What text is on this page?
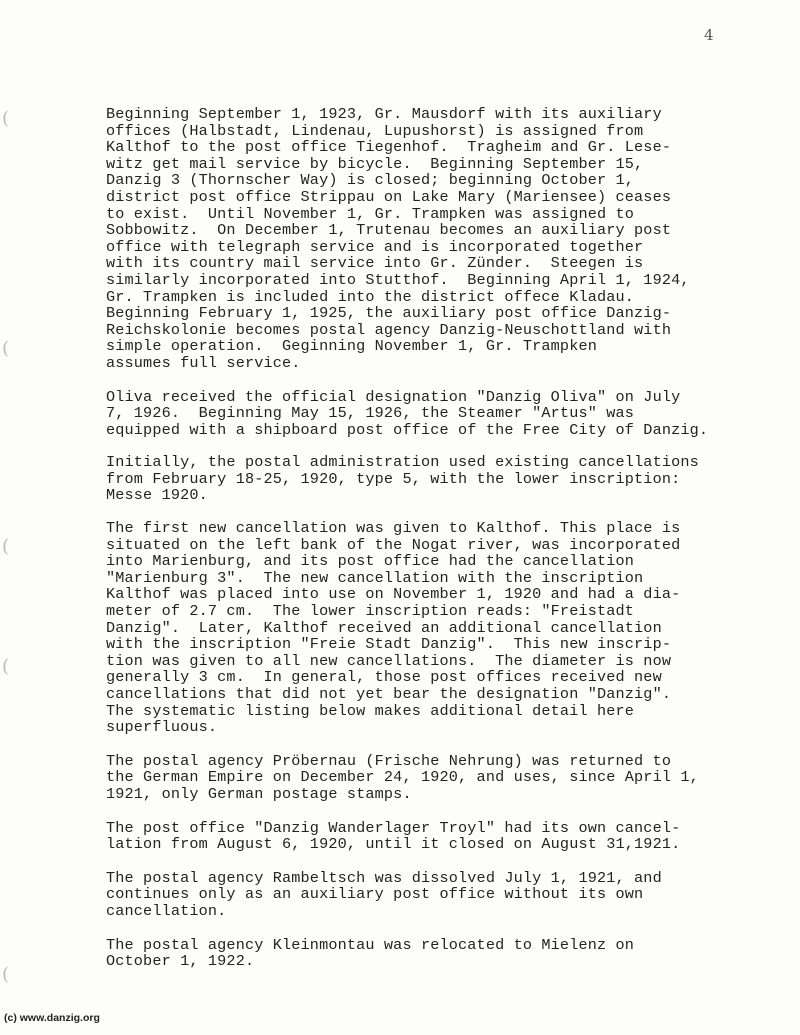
4
(
(
(
(
(

Beginning September 1, 1923, Gr. Mausdorf with its auxiliary
offices (Halbstadt, Lindenau, Lupushorst) is assigned from
Kalthof to the post office Tiegenhof.  Tragheim and Gr. Lese-
witz get mail service by bicycle.  Beginning September 15,
Danzig 3 (Thornscher Way) is closed; beginning October 1,
district post office Strippau on Lake Mary (Mariensee) ceases
to exist.  Until November 1, Gr. Trampken was assigned to
Sobbowitz.  On December 1, Trutenau becomes an auxiliary post
office with telegraph service and is incorporated together
with its country mail service into Gr. Zünder.  Steegen is
similarly incorporated into Stutthof.  Beginning April 1, 1924,
Gr. Trampken is included into the district offece Kladau.
Beginning February 1, 1925, the auxiliary post office Danzig-
Reichskolonie becomes postal agency Danzig-Neuschottland with
simple operation.  Geginning November 1, Gr. Trampken
assumes full service.

Oliva received the official designation "Danzig Oliva" on July
7, 1926.  Beginning May 15, 1926, the Steamer "Artus" was
equipped with a shipboard post office of the Free City of Danzig.

Initially, the postal administration used existing cancellations
from February 18-25, 1920, type 5, with the lower inscription:
Messe 1920.

The first new cancellation was given to Kalthof. This place is
situated on the left bank of the Nogat river, was incorporated
into Marienburg, and its post office had the cancellation
"Marienburg 3".  The new cancellation with the inscription
Kalthof was placed into use on November 1, 1920 and had a dia-
meter of 2.7 cm.  The lower inscription reads: "Freistadt
Danzig".  Later, Kalthof received an additional cancellation
with the inscription "Freie Stadt Danzig".  This new inscrip-
tion was given to all new cancellations.  The diameter is now
generally 3 cm.  In general, those post offices received new
cancellations that did not yet bear the designation "Danzig".
The systematic listing below makes additional detail here
superfluous.

The postal agency Pröbernau (Frische Nehrung) was returned to
the German Empire on December 24, 1920, and uses, since April 1,
1921, only German postage stamps.

The post office "Danzig Wanderlager Troyl" had its own cancel-
lation from August 6, 1920, until it closed on August 31,1921.

The postal agency Rambeltsch was dissolved July 1, 1921, and
continues only as an auxiliary post office without its own
cancellation.

The postal agency Kleinmontau was relocated to Mielenz on
October 1, 1922.

(c) www.danzig.org
